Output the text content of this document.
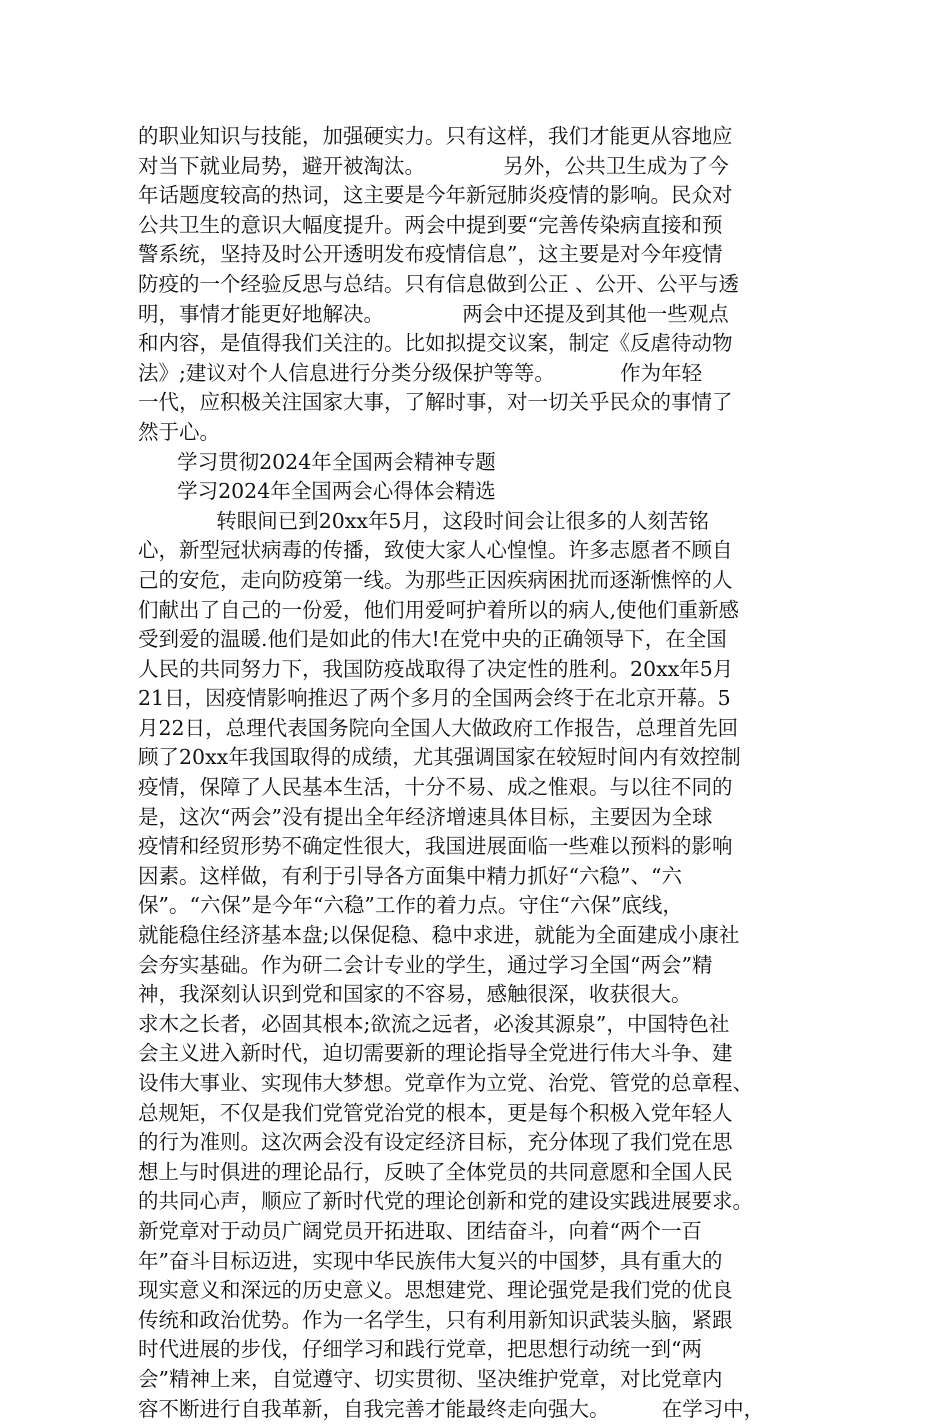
的职业知识与技能，加强硬实力。只有这样，我们才能更从容地应
对当下就业局势，避开被淘汰。            另外，公共卫生成为了今
年话题度较高的热词，这主要是今年新冠肺炎疫情的影响。民众对
公共卫生的意识大幅度提升。两会中提到要“完善传染病直接和预
警系统，坚持及时公开透明发布疫情信息”，这主要是对今年疫情
防疫的一个经验反思与总结。只有信息做到公正 、公开、公平与透
明，事情才能更好地解决。            两会中还提及到其他一些观点
和内容，是值得我们关注的。比如拟提交议案，制定《反虐待动物
法》;建议对个人信息进行分类分级保护等等。          作为年轻
一代，应积极关注国家大事，了解时事，对一切关乎民众的事情了
然于心。
学习贯彻2024年全国两会精神专题
学习2024年全国两会心得体会精选
转眼间已到20xx年5月，这段时间会让很多的人刻苦铭
心，新型冠状病毒的传播，致使大家人心惶惶。许多志愿者不顾自
己的安危，走向防疫第一线。为那些正因疾病困扰而逐渐憔悴的人
们献出了自己的一份爱，他们用爱呵护着所以的病人,使他们重新感
受到爱的温暖.他们是如此的伟大!在党中央的正确领导下，在全国
人民的共同努力下，我国防疫战取得了决定性的胜利。20xx年5月
21日，因疫情影响推迟了两个多月的全国两会终于在北京开幕。5
月22日，总理代表国务院向全国人大做政府工作报告，总理首先回
顾了20xx年我国取得的成绩，尤其强调国家在较短时间内有效控制
疫情，保障了人民基本生活，十分不易、成之惟艰。与以往不同的
是，这次“两会”没有提出全年经济增速具体目标，主要因为全球
疫情和经贸形势不确定性很大，我国进展面临一些难以预料的影响
因素。这样做，有利于引导各方面集中精力抓好“六稳”、“六
保”。“六保”是今年“六稳”工作的着力点。守住“六保”底线，
就能稳住经济基本盘;以保促稳、稳中求进，就能为全面建成小康社
会夯实基础。作为研二会计专业的学生，通过学习全国“两会”精
神，我深刻认识到党和国家的不容易，感触很深，收获很大。
求木之长者，必固其根本;欲流之远者，必浚其源泉”，中国特色社
会主义进入新时代，迫切需要新的理论指导全党进行伟大斗争、建
设伟大事业、实现伟大梦想。党章作为立党、治党、管党的总章程、
总规矩，不仅是我们党管党治党的根本，更是每个积极入党年轻人
的行为准则。这次两会没有设定经济目标，充分体现了我们党在思
想上与时俱进的理论品行，反映了全体党员的共同意愿和全国人民
的共同心声，顺应了新时代党的理论创新和党的建设实践进展要求。
新党章对于动员广阔党员开拓进取、团结奋斗，向着“两个一百
年”奋斗目标迈进，实现中华民族伟大复兴的中国梦，具有重大的
现实意义和深远的历史意义。思想建党、理论强党是我们党的优良
传统和政治优势。作为一名学生，只有利用新知识武装头脑，紧跟
时代进展的步伐，仔细学习和践行党章，把思想行动统一到“两
会”精神上来，自觉遵守、切实贯彻、坚决维护党章，对比党章内
容不断进行自我革新，自我完善才能最终走向强大。        在学习中，
